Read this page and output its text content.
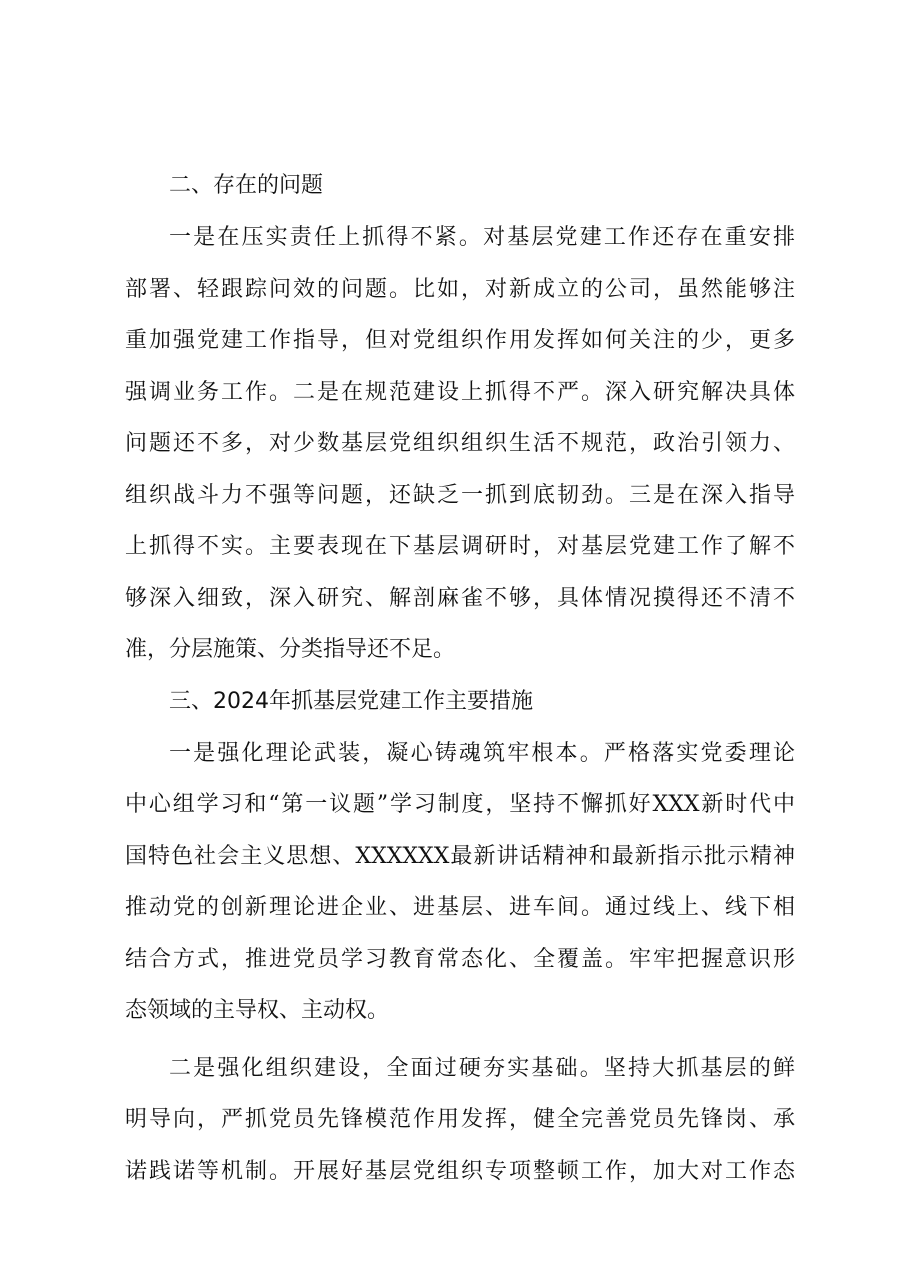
二、存在的问题
一是在压实责任上抓得不紧。对基层党建工作还存在重安排
部署、轻跟踪问效的问题。比如，对新成立的公司，虽然能够注
重加强党建工作指导，但对党组织作用发挥如何关注的少，更多
强调业务工作。二是在规范建设上抓得不严。深入研究解决具体
问题还不多，对少数基层党组织组织生活不规范，政治引领力、
组织战斗力不强等问题，还缺乏一抓到底韧劲。三是在深入指导
上抓得不实。主要表现在下基层调研时，对基层党建工作了解不
够深入细致，深入研究、解剖麻雀不够，具体情况摸得还不清不
准，分层施策、分类指导还不足。
三、2024年抓基层党建工作主要措施
一是强化理论武装，凝心铸魂筑牢根本。严格落实党委理论
中心组学习和“第一议题”学习制度，坚持不懈抓好XXX新时代中
国特色社会主义思想、XXXXXX最新讲话精神和最新指示批示精神
推动党的创新理论进企业、进基层、进车间。通过线上、线下相
结合方式，推进党员学习教育常态化、全覆盖。牢牢把握意识形
态领域的主导权、主动权。
二是强化组织建设，全面过硬夯实基础。坚持大抓基层的鲜
明导向，严抓党员先锋模范作用发挥，健全完善党员先锋岗、承
诺践诺等机制。开展好基层党组织专项整顿工作，加大对工作态
